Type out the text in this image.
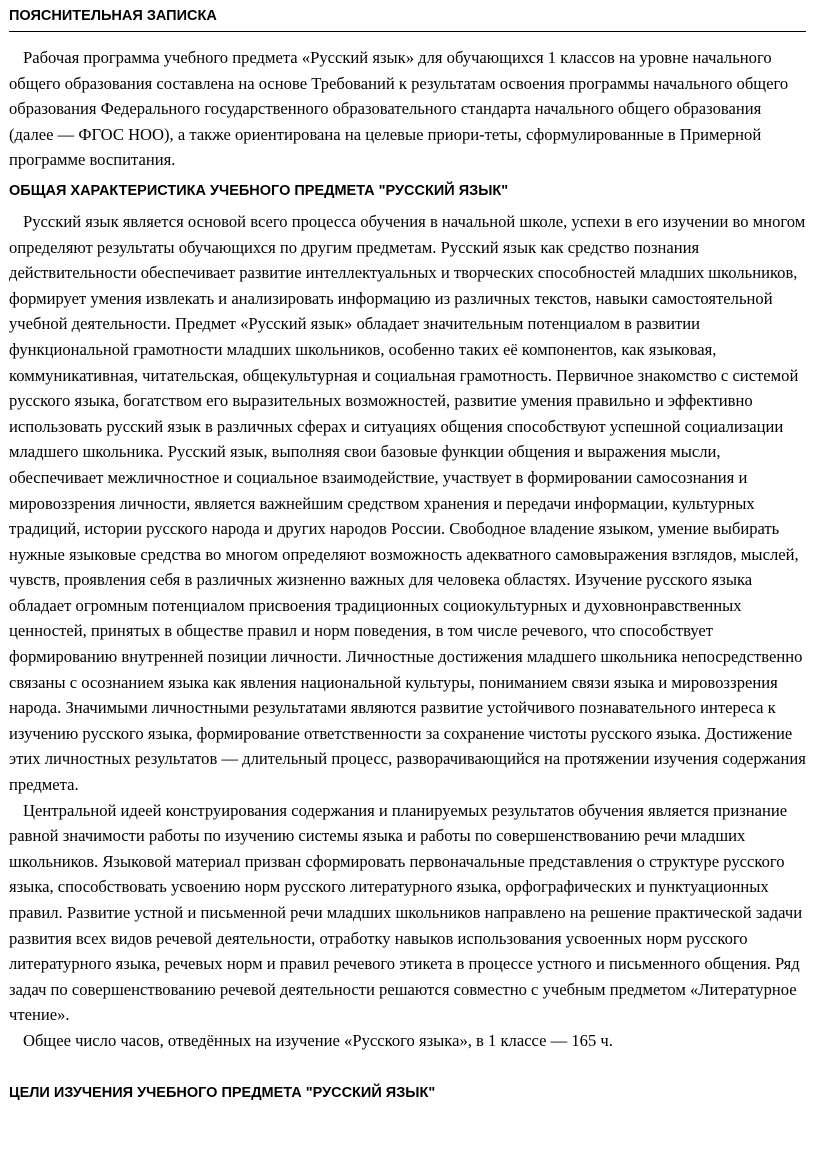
ПОЯСНИТЕЛЬНАЯ ЗАПИСКА

Рабочая программа учебного предмета «Русский язык» для обучающихся 1 классов на уровне начального общего образования составлена на основе Требований к результатам освоения программы начального общего образования Федерального государственного образовательного стандарта начального общего образования (далее — ФГОС НОО), а также ориентирована на целевые приори-теты, сформулированные в Примерной программе воспитания.

ОБЩАЯ ХАРАКТЕРИСТИКА УЧЕБНОГО ПРЕДМЕТА "РУССКИЙ ЯЗЫК"

Русский язык является основой всего процесса обучения в начальной школе, успехи в его изучении во многом определяют результаты обучающихся по другим предметам. Русский язык как средство познания действительности обеспечивает развитие интеллектуальных и творческих способностей младших школьников, формирует умения извлекать и анализировать информацию из различных текстов, навыки самостоятельной учебной деятельности. Предмет «Русский язык» обладает значительным потенциалом в развитии функциональной грамотности младших школьников, особенно таких её компонентов, как языковая, коммуникативная, читательская, общекультурная и социальная грамотность. Первичное знакомство с системой русского языка, богатством его выразительных возможностей, развитие умения правильно и эффективно использовать русский язык в различных сферах и ситуациях общения способствуют успешной социализации младшего школьника. Русский язык, выполняя свои базовые функции общения и выражения мысли, обеспечивает межличностное и социальное взаимодействие, участвует в формировании самосознания и мировоззрения личности, является важнейшим средством хранения и передачи информации, культурных традиций, истории русского народа и других народов России. Свободное владение языком, умение выбирать нужные языковые средства во многом определяют возможность адекватного самовыражения взглядов, мыслей, чувств, проявления себя в различных жизненно важных для человека областях. Изучение русского языка обладает огромным потенциалом присвоения традиционных социокультурных и духовнонравственных ценностей, принятых в обществе правил и норм поведения, в том числе речевого, что способствует формированию внутренней позиции личности. Личностные достижения младшего школьника непосредственно связаны с осознанием языка как явления национальной культуры, пониманием связи языка и мировоззрения народа. Значимыми личностными результатами являются развитие устойчивого познавательного интереса к изучению русского языка, формирование ответственности за сохранение чистоты русского языка. Достижение этих личностных результатов — длительный процесс, разворачивающийся на протяжении изучения содержания предмета.

Центральной идеей конструирования содержания и планируемых результатов обучения является признание равной значимости работы по изучению системы языка и работы по совершенствованию речи младших школьников. Языковой материал призван сформировать первоначальные представления о структуре русского языка, способствовать усвоению норм русского литературного языка, орфографических и пунктуационных правил. Развитие устной и письменной речи младших школьников направлено на решение практической задачи развития всех видов речевой деятельности, отработку навыков использования усвоенных норм русского литературного языка, речевых норм и правил речевого этикета в процессе устного и письменного общения. Ряд задач по совершенствованию речевой деятельности решаются совместно с учебным предметом «Литературное чтение».

Общее число часов, отведённых на изучение «Русского языка», в 1 классе — 165 ч.

ЦЕЛИ ИЗУЧЕНИЯ УЧЕБНОГО ПРЕДМЕТА "РУССКИЙ ЯЗЫК"
